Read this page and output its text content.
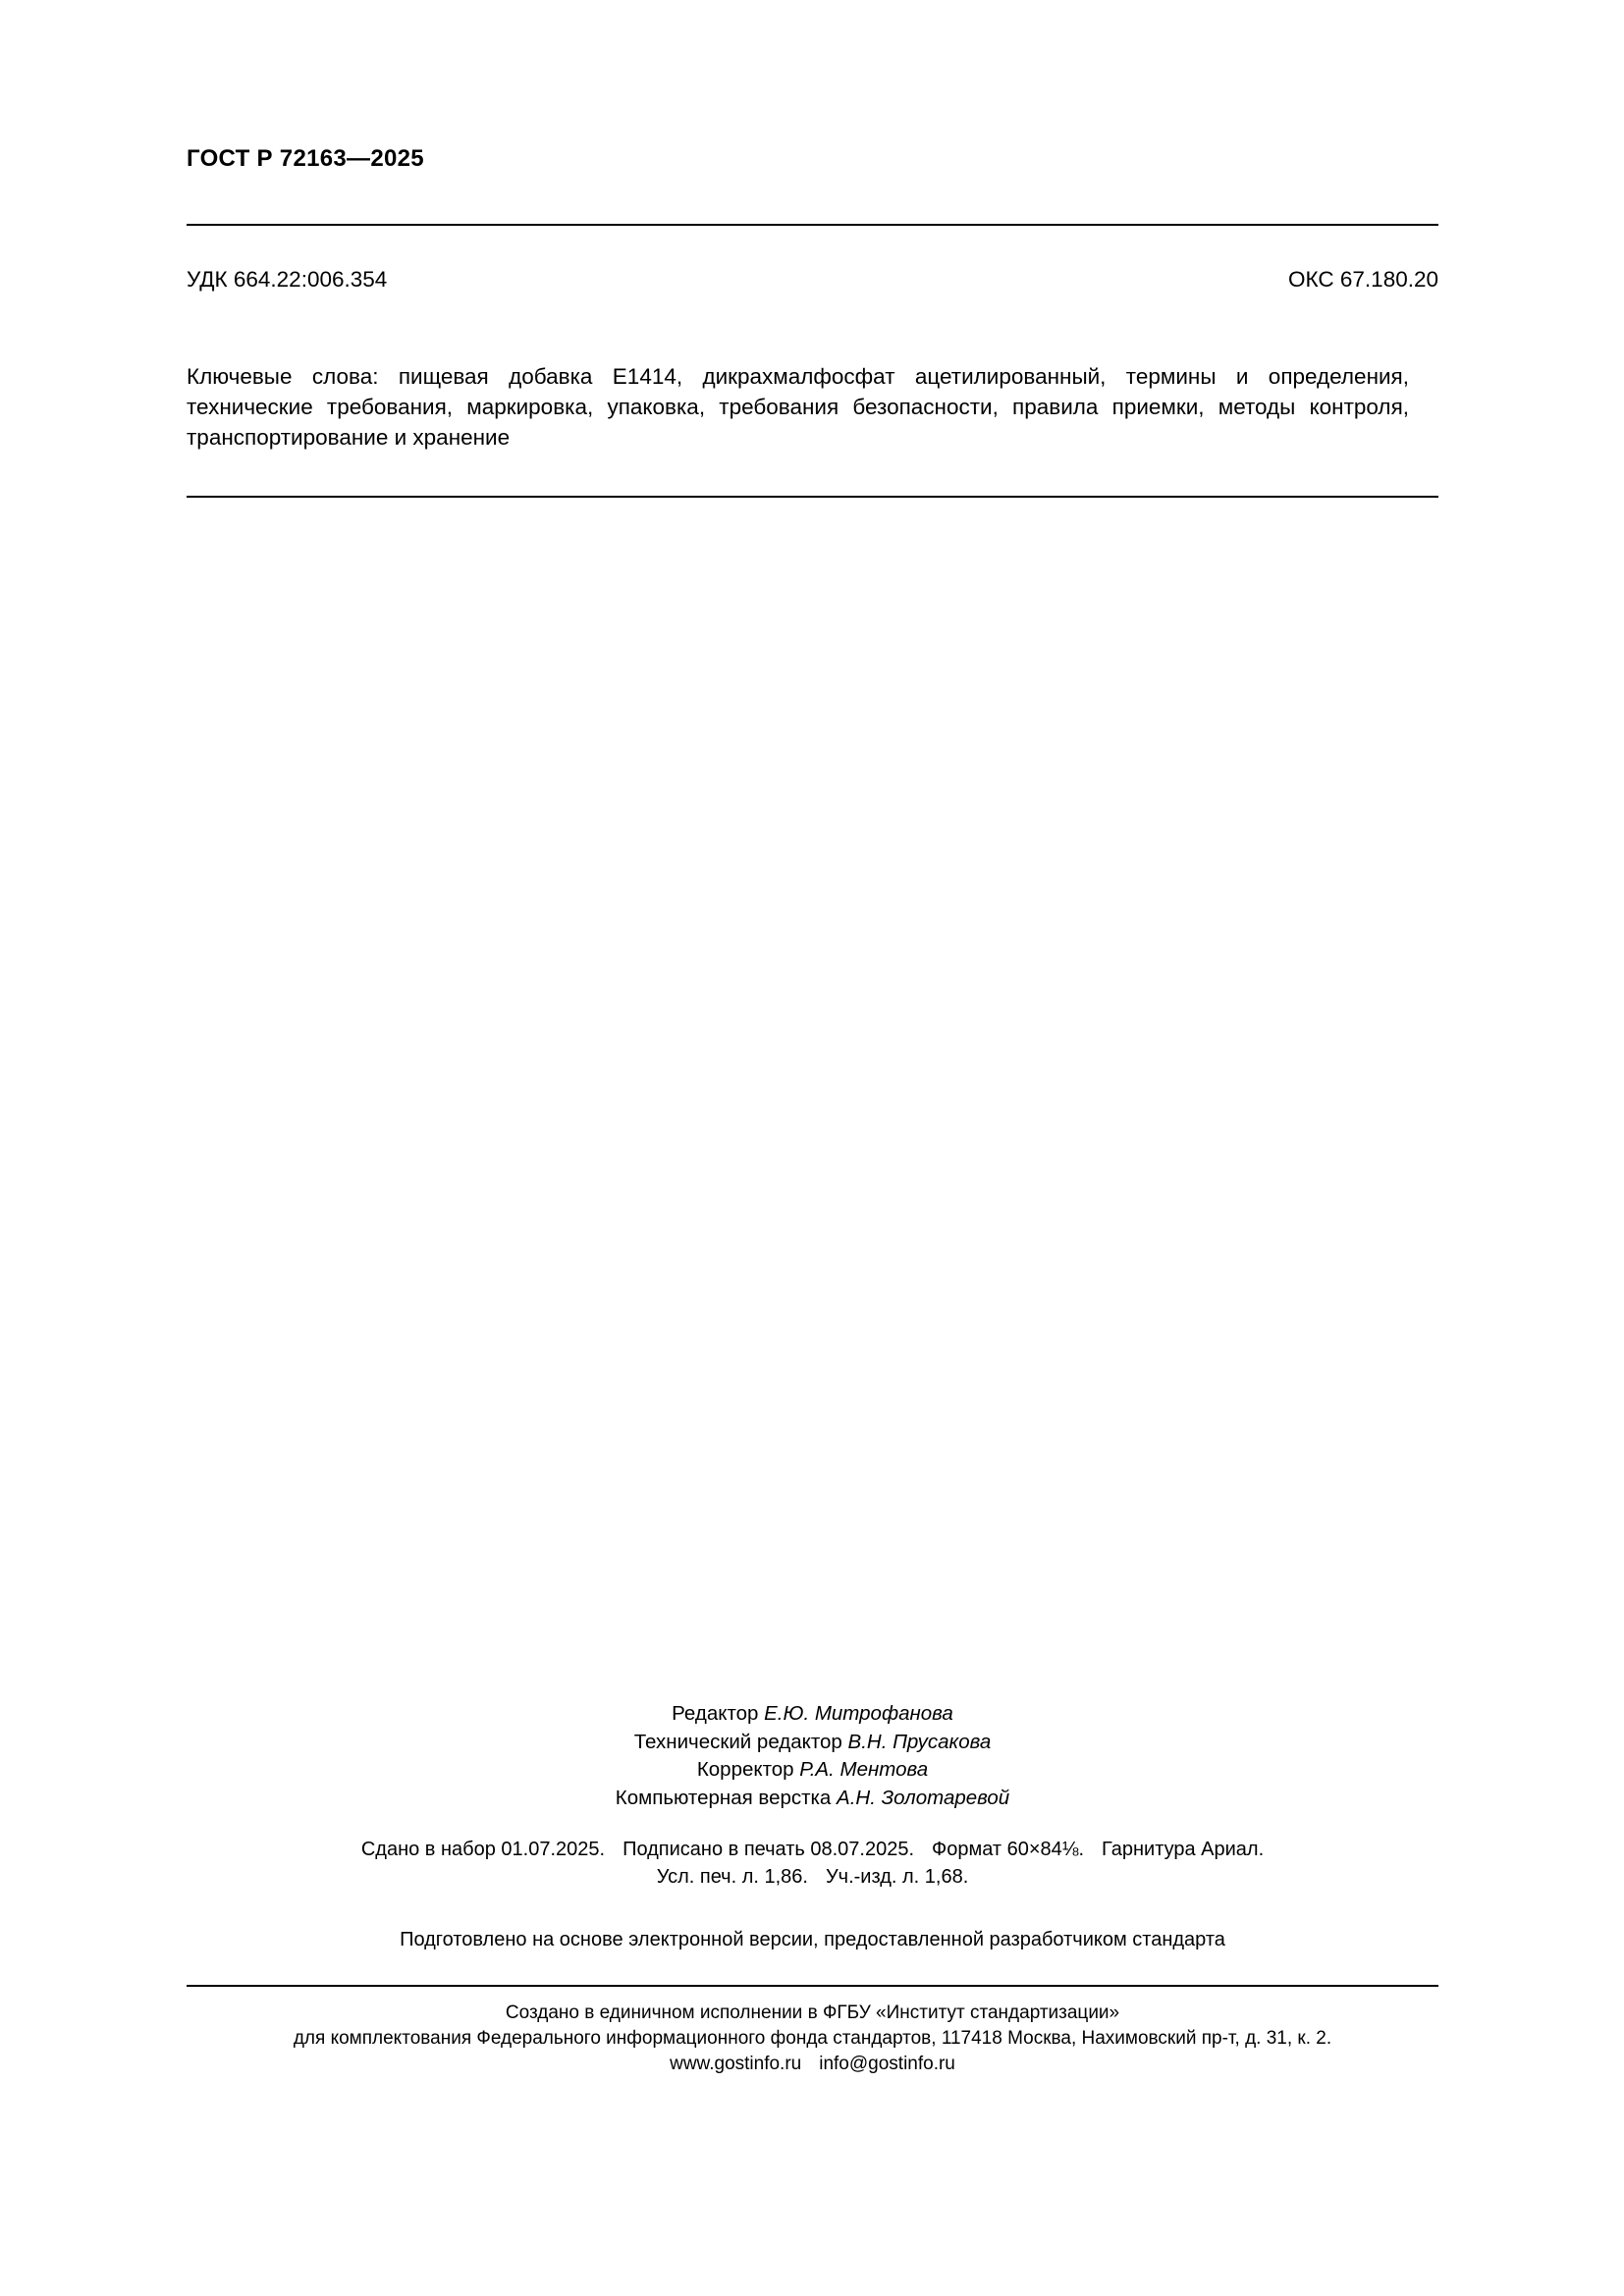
ГОСТ Р 72163—2025
УДК 664.22:006.354	ОКС 67.180.20
Ключевые слова: пищевая добавка Е1414, дикрахмалфосфат ацетилированный, термины и определения, технические требования, маркировка, упаковка, требования безопасности, правила приемки, методы контроля, транспортирование и хранение
Редактор Е.Ю. Митрофанова
Технический редактор В.Н. Прусакова
Корректор Р.А. Ментова
Компьютерная верстка А.Н. Золотаревой
Сдано в набор 01.07.2025. Подписано в печать 08.07.2025. Формат 60×84⅛. Гарнитура Ариал.
Усл. печ. л. 1,86. Уч.-изд. л. 1,68.
Подготовлено на основе электронной версии, предоставленной разработчиком стандарта
Создано в единичном исполнении в ФГБУ «Институт стандартизации»
для комплектования Федерального информационного фонда стандартов, 117418 Москва, Нахимовский пр-т, д. 31, к. 2.
www.gostinfo.ru info@gostinfo.ru
